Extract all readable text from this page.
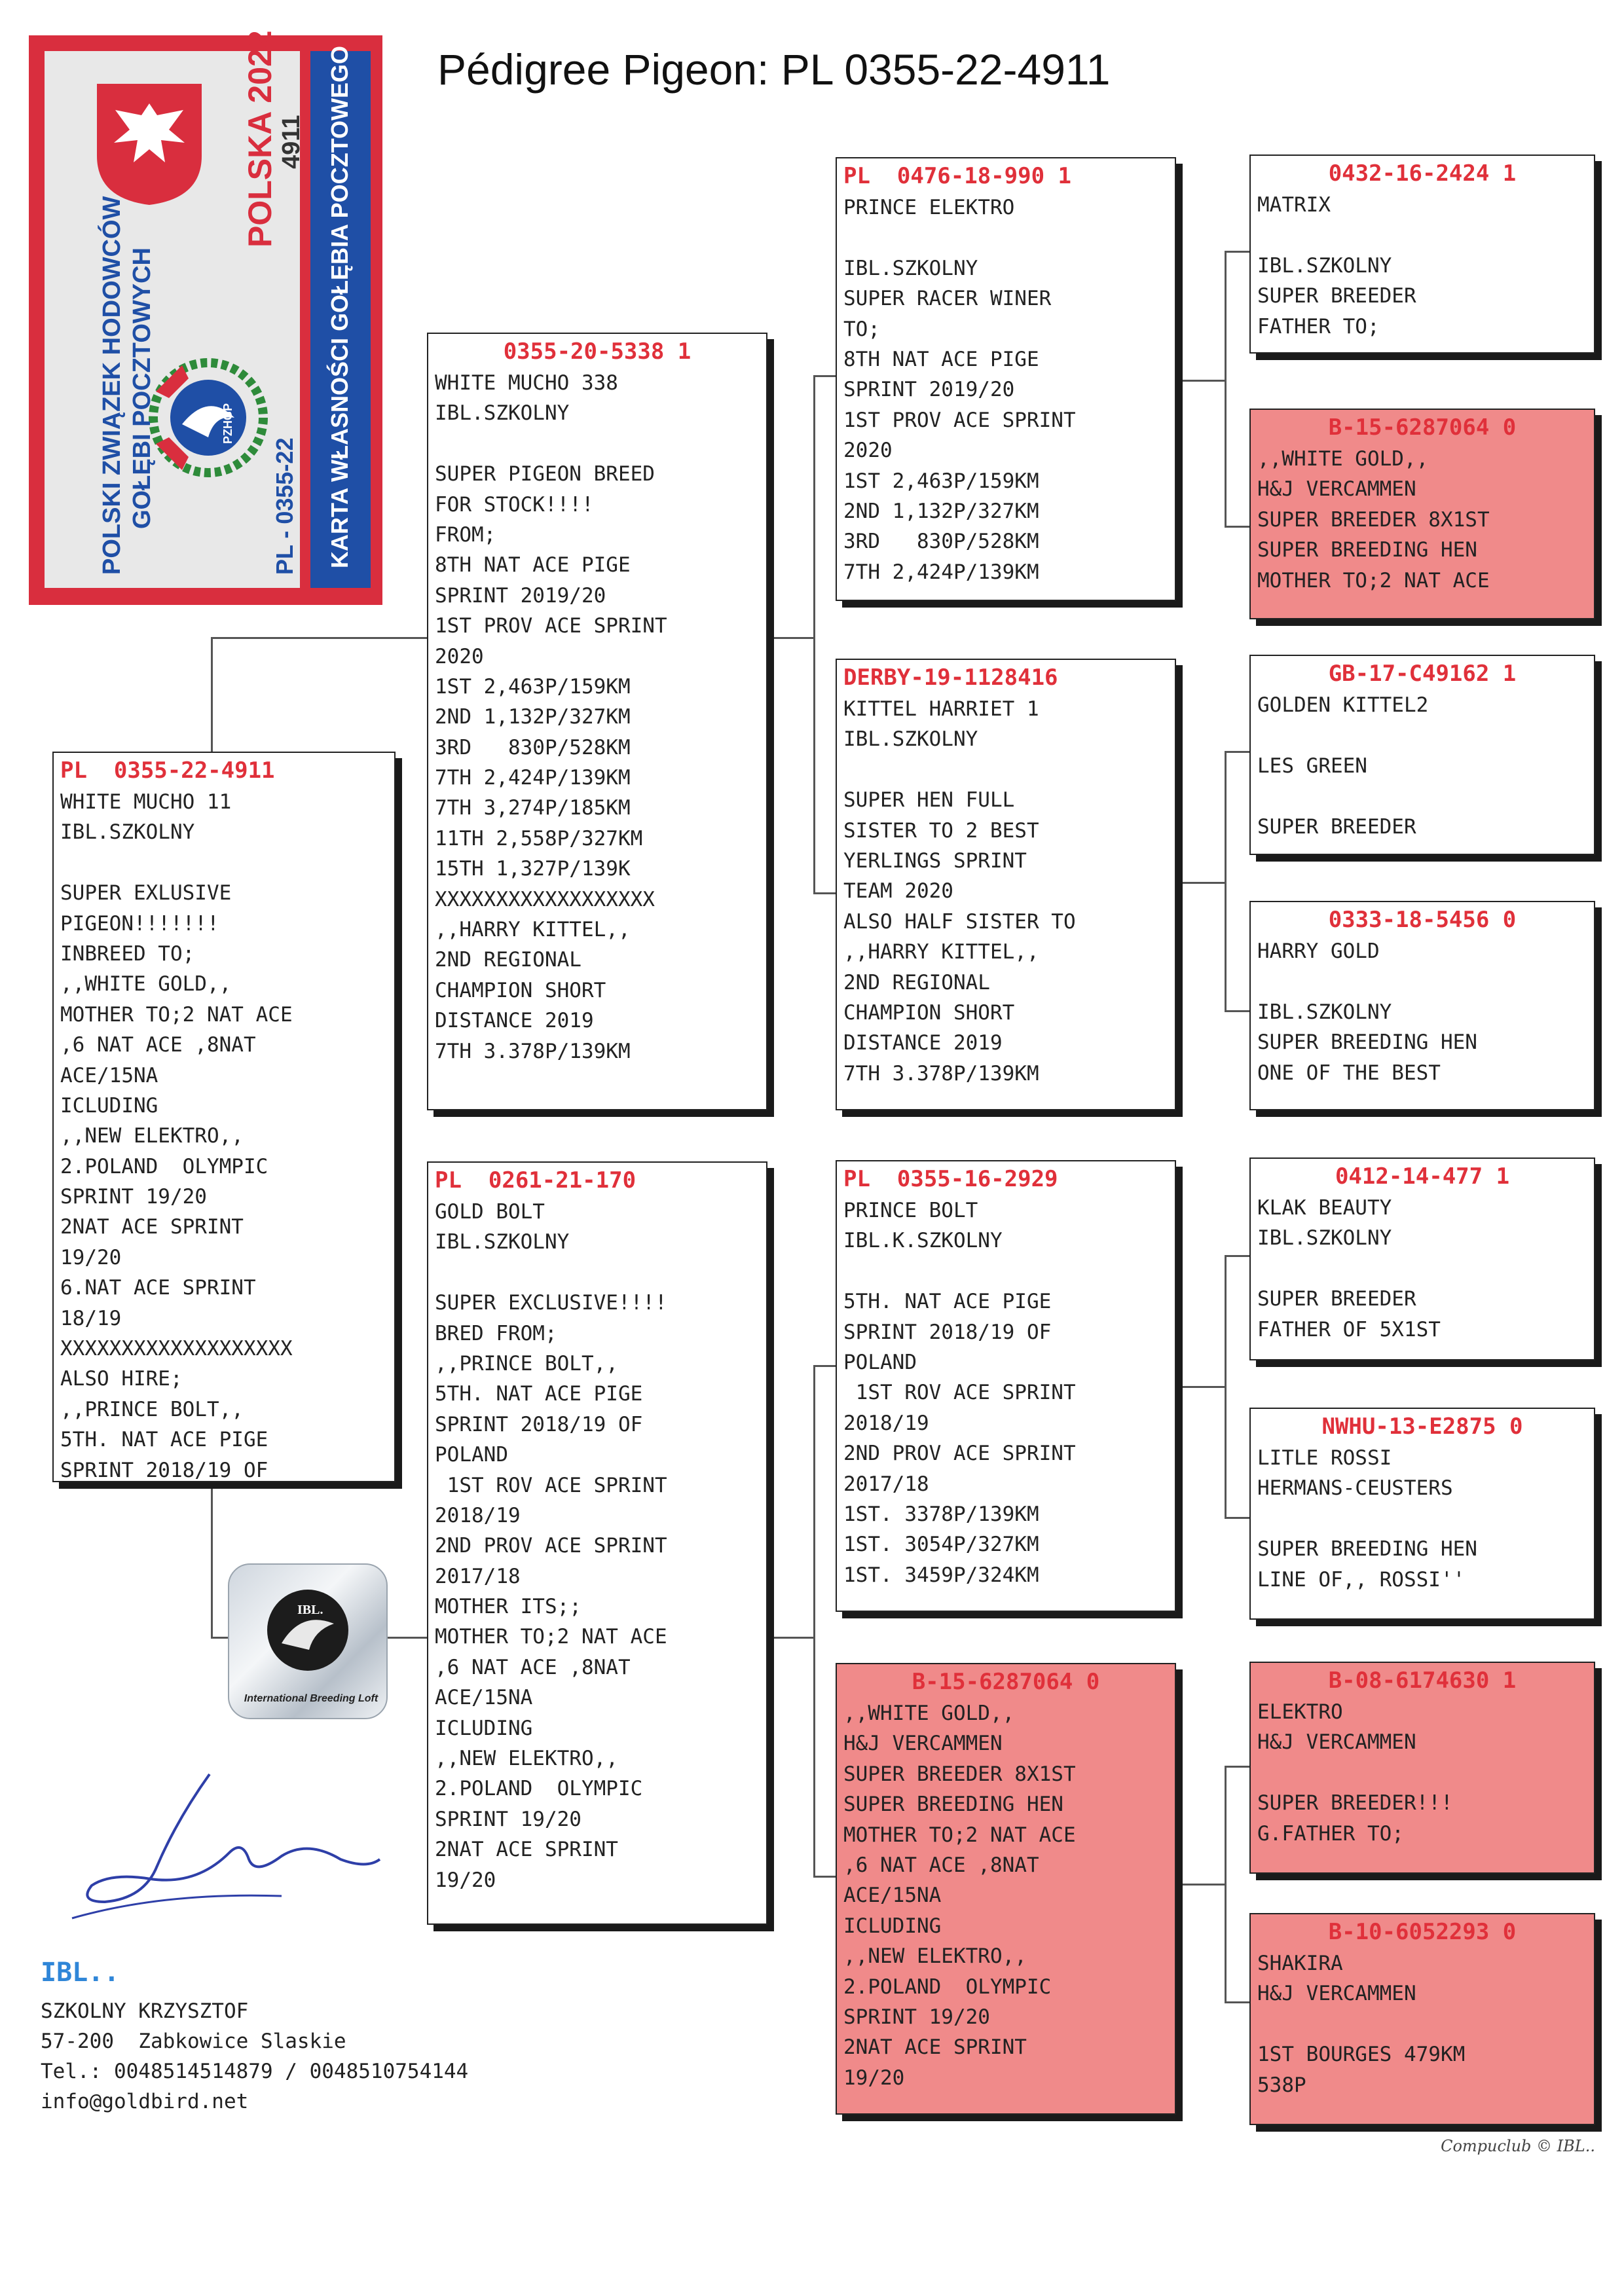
Pédigree Pigeon: PL 0355-22-4911
POLSKI ZWIĄZEK HODOWCÓW GOŁĘBI POCZTOWYCH
POLSKA 2022 4911
PL - 0355-22
PZHGP	KARTA WŁASNOŚCI GOŁĘBIA POCZTOWEGO
PL  0355-22-4911
WHITE MUCHO 11
IBL.SZKOLNY
SUPER EXLUSIVE
PIGEON!!!!!!!
INBREED TO;
,,WHITE GOLD,,
MOTHER TO;2 NAT ACE
,6 NAT ACE ,8NAT
ACE/15NA
ICLUDING
,,NEW ELEKTRO,,
2.POLAND  OLYMPIC
SPRINT 19/20
2NAT ACE SPRINT
19/20
6.NAT ACE SPRINT
18/19
XXXXXXXXXXXXXXXXXXX
ALSO HIRE;
,,PRINCE BOLT,,
5TH. NAT ACE PIGE
SPRINT 2018/19 OF
0355-20-5338 1
WHITE MUCHO 338
IBL.SZKOLNY
SUPER PIGEON BREED
FOR STOCK!!!!
FROM;
8TH NAT ACE PIGE
SPRINT 2019/20
1ST PROV ACE SPRINT
2020
1ST 2,463P/159KM
2ND 1,132P/327KM
3RD   830P/528KM
7TH 2,424P/139KM
7TH 3,274P/185KM
11TH 2,558P/327KM
15TH 1,327P/139K
XXXXXXXXXXXXXXXXXX
,,HARRY KITTEL,,
2ND REGIONAL
CHAMPION SHORT
DISTANCE 2019
7TH 3.378P/139KM
PL  0261-21-170
GOLD BOLT
IBL.SZKOLNY
SUPER EXCLUSIVE!!!!
BRED FROM;
,,PRINCE BOLT,,
5TH. NAT ACE PIGE
SPRINT 2018/19 OF
POLAND
1ST ROV ACE SPRINT
2018/19
2ND PROV ACE SPRINT
2017/18
MOTHER ITS;;
MOTHER TO;2 NAT ACE
,6 NAT ACE ,8NAT
ACE/15NA
ICLUDING
,,NEW ELEKTRO,,
2.POLAND  OLYMPIC
SPRINT 19/20
2NAT ACE SPRINT
19/20
PL  0476-18-990 1
PRINCE ELEKTRO
IBL.SZKOLNY
SUPER RACER WINER
TO;
8TH NAT ACE PIGE
SPRINT 2019/20
1ST PROV ACE SPRINT
2020
1ST 2,463P/159KM
2ND 1,132P/327KM
3RD   830P/528KM
7TH 2,424P/139KM
DERBY-19-1128416
KITTEL HARRIET 1
IBL.SZKOLNY
SUPER HEN FULL
SISTER TO 2 BEST
YERLINGS SPRINT
TEAM 2020
ALSO HALF SISTER TO
,,HARRY KITTEL,,
2ND REGIONAL
CHAMPION SHORT
DISTANCE 2019
7TH 3.378P/139KM
PL  0355-16-2929
PRINCE BOLT
IBL.K.SZKOLNY
5TH. NAT ACE PIGE
SPRINT 2018/19 OF
POLAND
1ST ROV ACE SPRINT
2018/19
2ND PROV ACE SPRINT
2017/18
1ST. 3378P/139KM
1ST. 3054P/327KM
1ST. 3459P/324KM
B-15-6287064 0
,,WHITE GOLD,,
H&J VERCAMMEN
SUPER BREEDER 8X1ST
SUPER BREEDING HEN
MOTHER TO;2 NAT ACE
,6 NAT ACE ,8NAT
ACE/15NA
ICLUDING
,,NEW ELEKTRO,,
2.POLAND  OLYMPIC
SPRINT 19/20
2NAT ACE SPRINT
19/20
0432-16-2424 1
MATRIX
IBL.SZKOLNY
SUPER BREEDER
FATHER TO;
B-15-6287064 0
,,WHITE GOLD,,
H&J VERCAMMEN
SUPER BREEDER 8X1ST
SUPER BREEDING HEN
MOTHER TO;2 NAT ACE
GB-17-C49162 1
GOLDEN KITTEL2
LES GREEN
SUPER BREEDER
0333-18-5456 0
HARRY GOLD
IBL.SZKOLNY
SUPER BREEDING HEN
ONE OF THE BEST
0412-14-477 1
KLAK BEAUTY
IBL.SZKOLNY
SUPER BREEDER
FATHER OF 5X1ST
NWHU-13-E2875 0
LITLE ROSSI
HERMANS-CEUSTERS
SUPER BREEDING HEN
LINE OF,, ROSSI''
B-08-6174630 1
ELEKTRO
H&J VERCAMMEN
SUPER BREEDER!!!
G.FATHER TO;
B-10-6052293 0
SHAKIRA
H&J VERCAMMEN
1ST BOURGES 479KM
538P
IBL.
International Breeding Loft
IBL..
SZKOLNY KRZYSZTOF
57-200  Zabkowice Slaskie
Tel.: 0048514514879 / 0048510754144
info@goldbird.net
Compuclub © IBL..
